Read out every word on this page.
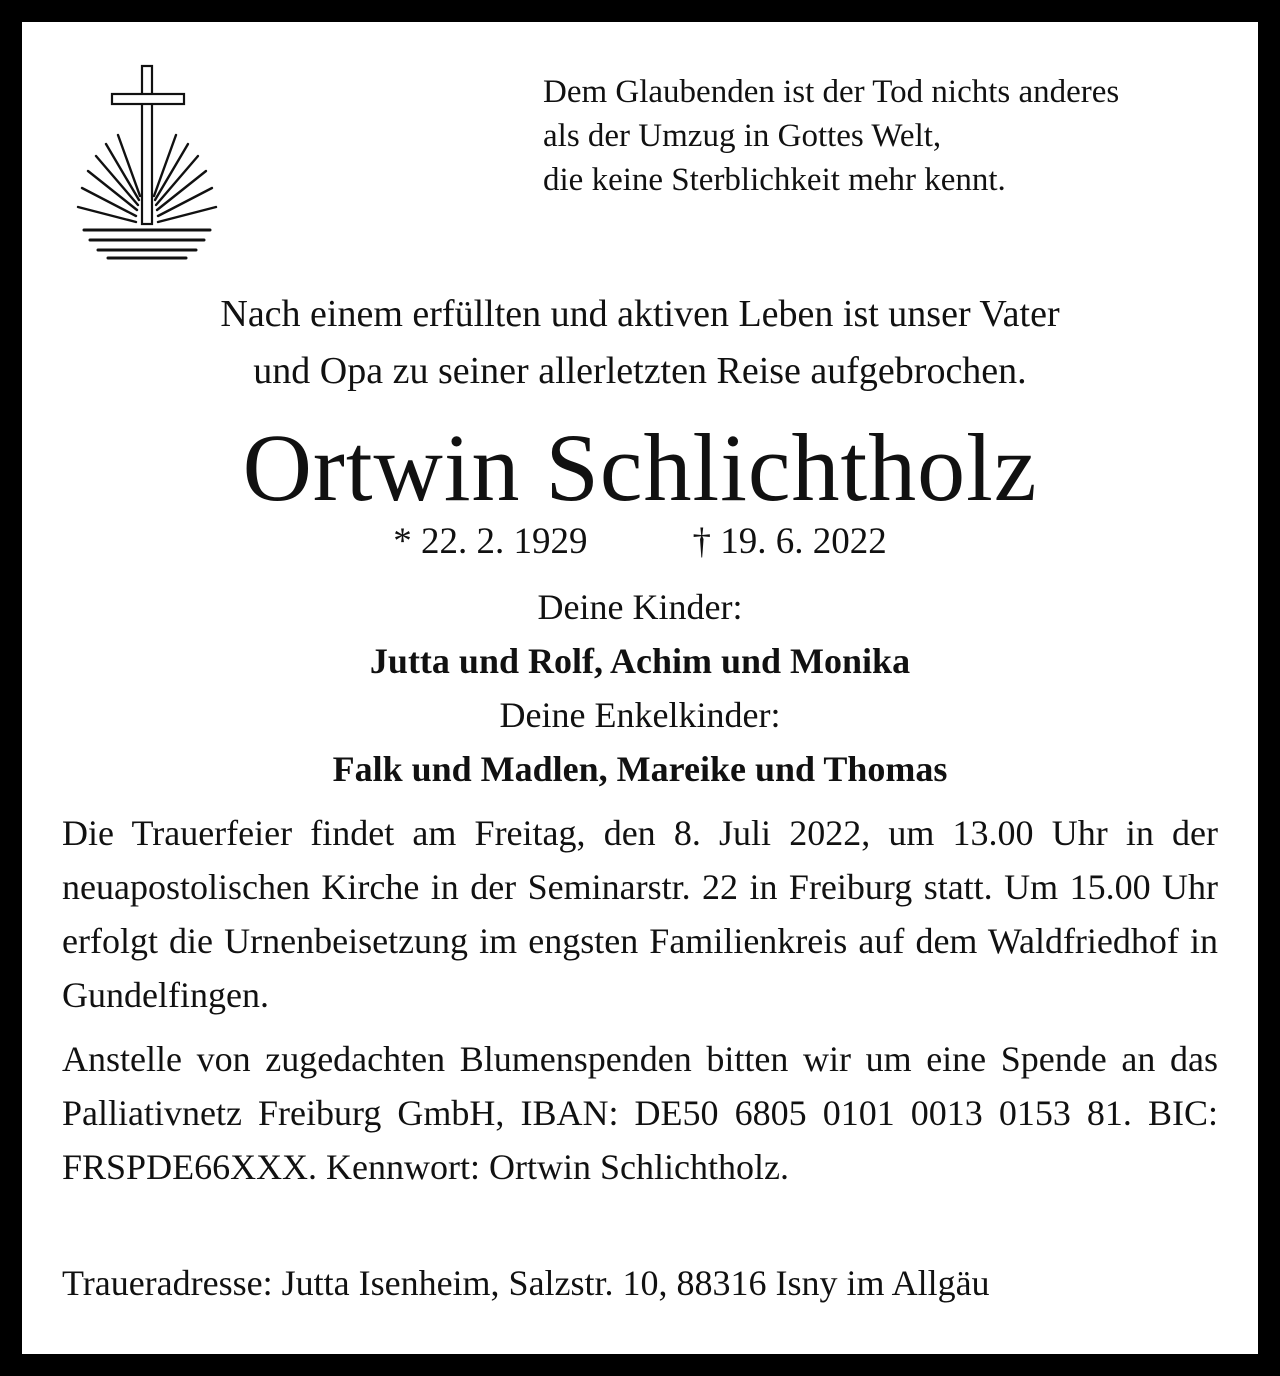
Dem Glaubenden ist der Tod nichts anderes
als der Umzug in Gottes Welt,
die keine Sterblichkeit mehr kennt.
Nach einem erfüllten und aktiven Leben ist unser Vater
und Opa zu seiner allerletzten Reise aufgebrochen.
Ortwin Schlichtholz
* 22. 2. 1929	† 19. 6. 2022
Deine Kinder:
Jutta und Rolf, Achim und Monika
Deine Enkelkinder:
Falk und Madlen, Mareike und Thomas
Die Trauerfeier findet am Freitag, den 8. Juli 2022, um 13.00 Uhr in der neuapostolischen Kirche in der Seminarstr. 22 in Freiburg statt. Um 15.00 Uhr erfolgt die Urnenbeisetzung im engsten Familienkreis auf dem Waldfriedhof in Gundelfingen.
Anstelle von zugedachten Blumenspenden bitten wir um eine Spende an das Palliativnetz Freiburg GmbH, IBAN: DE50 6805 0101 0013 0153 81. BIC: FRSPDE66XXX. Kennwort: Ortwin Schlichtholz.
Traueradresse: Jutta Isenheim, Salzstr. 10, 88316 Isny im Allgäu
